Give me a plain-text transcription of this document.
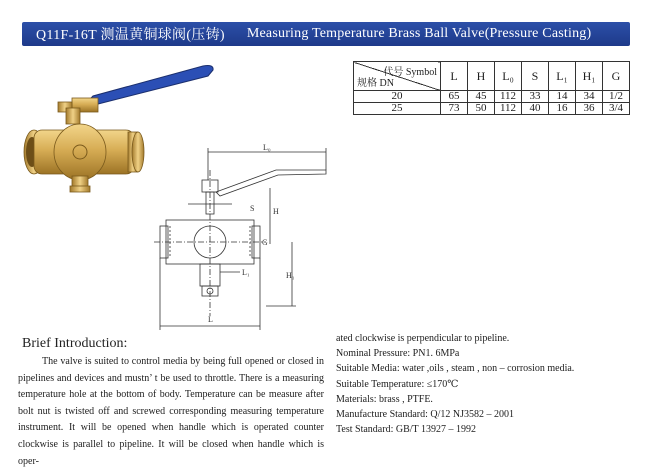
Q11F-16T 测温黄铜球阀(压铸) Measuring Temperature Brass Ball Valve(Pressure Casting)
代号 Symbol
规格 DN	L	H	L₀	S	L₁	H₁	G
20	65	45	112	33	14	34	1/2
25	73	50	112	40	16	36	3/4
L₀
S H
G
H₁
L₁
L
Brief Introduction:
The valve is suited to control media by being full opened or closed in pipelines and devices and mustn’ t be used to throttle. There is a measuring temperature hole at the bottom of body. Temperature can be measure after bolt nut is twisted off and screwed corresponding measuring temperature instrument. It will be opened when handle which is operated counter clockwise is parallel to pipeline. It will be closed when handle which is oper-
ated clockwise is perpendicular to pipeline.
Nominal Pressure: PN1. 6MPa
Suitable Media: water ,oils , steam , non – corrosion media.
Suitable Temperature: ≤170℃
Materials: brass , PTFE.
Manufacture Standard: Q/12 NJ3582 – 2001
Test Standard: GB/T 13927 – 1992
